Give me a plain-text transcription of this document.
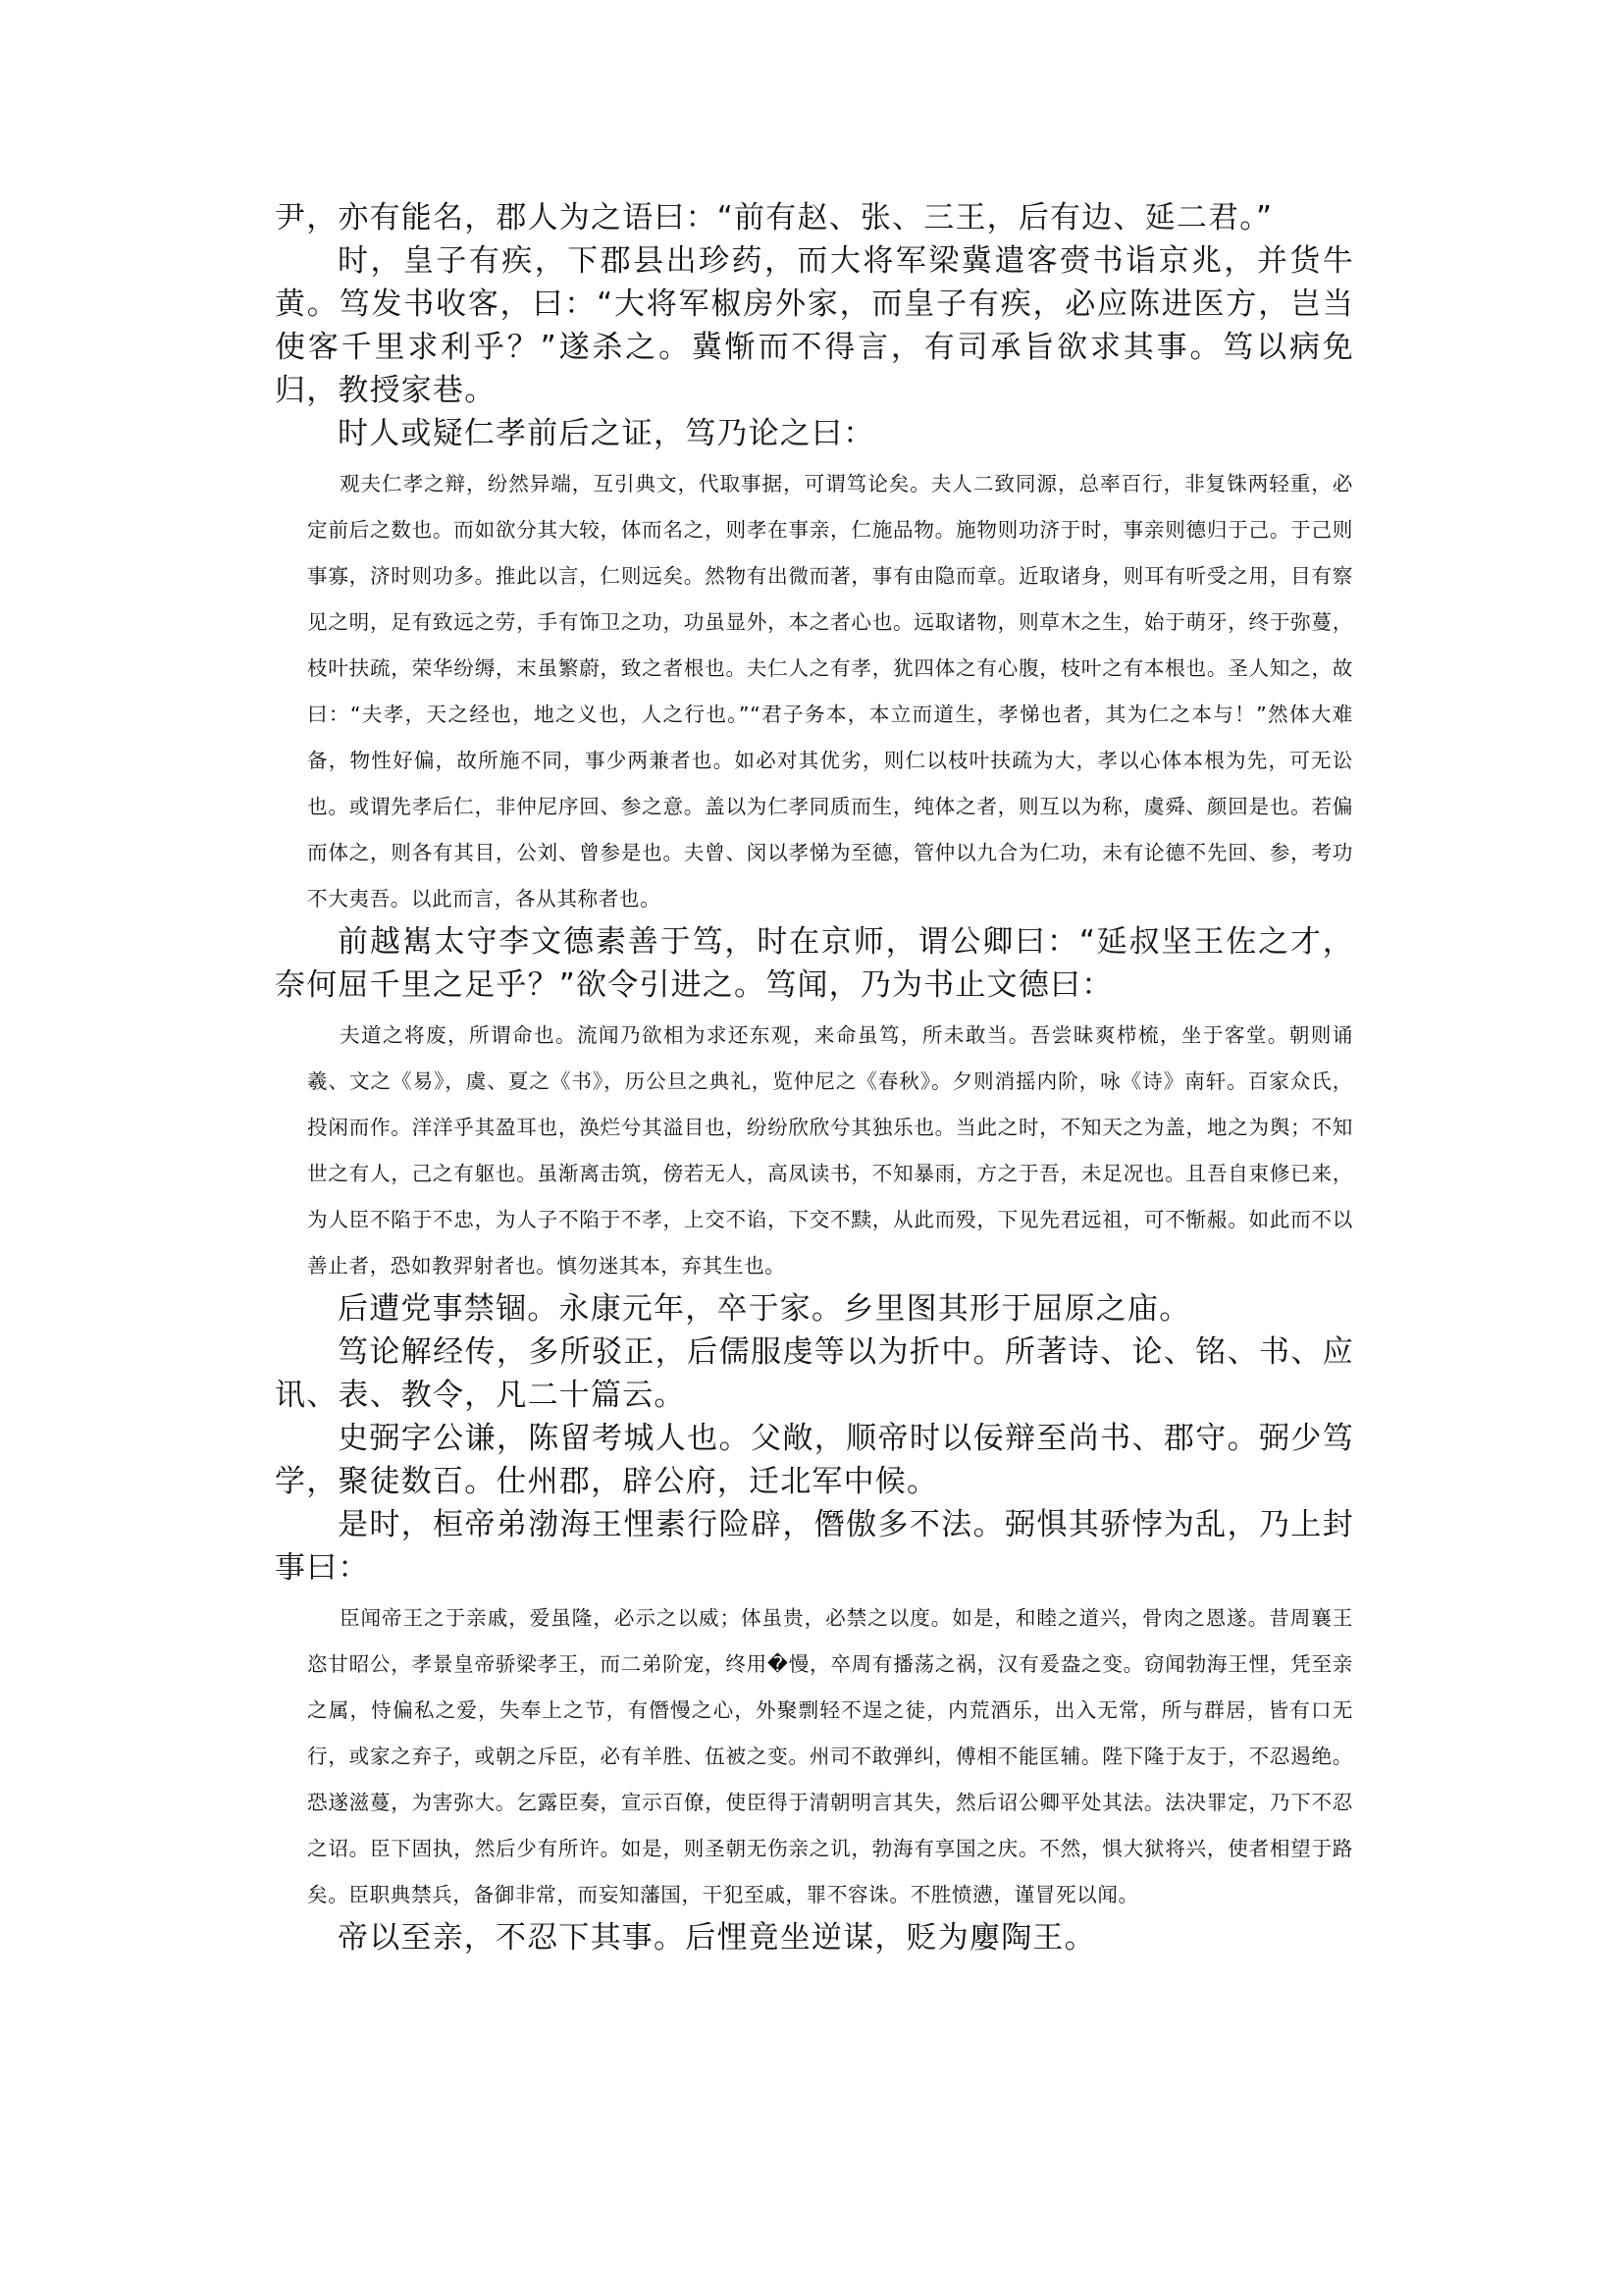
尹，亦有能名，郡人为之语曰：“前有赵、张、三王，后有边、延二君。”

时，皇子有疾，下郡县出珍药，而大将军梁冀遣客赍书诣京兆，并货牛黄。笃发书收客，曰：“大将军椒房外家，而皇子有疾，必应陈进医方，岂当使客千里求利乎？”遂杀之。冀惭而不得言，有司承旨欲求其事。笃以病免归，教授家巷。

时人或疑仁孝前后之证，笃乃论之曰：

观夫仁孝之辩，纷然异端，互引典文，代取事据，可谓笃论矣。夫人二致同源，总率百行，非复铢两轻重，必定前后之数也。而如欲分其大较，体而名之，则孝在事亲，仁施品物。施物则功济于时，事亲则德归于己。于己则事寡，济时则功多。推此以言，仁则远矣。然物有出微而著，事有由隐而章。近取诸身，则耳有听受之用，目有察见之明，足有致远之劳，手有饰卫之功，功虽显外，本之者心也。远取诸物，则草木之生，始于萌牙，终于弥蔓，枝叶扶疏，荣华纷缛，末虽繁蔚，致之者根也。夫仁人之有孝，犹四体之有心腹，枝叶之有本根也。圣人知之，故曰：“夫孝，天之经也，地之义也，人之行也。”“君子务本，本立而道生，孝悌也者，其为仁之本与！”然体大难备，物性好偏，故所施不同，事少两兼者也。如必对其优劣，则仁以枝叶扶疏为大，孝以心体本根为先，可无讼也。或谓先孝后仁，非仲尼序回、参之意。盖以为仁孝同质而生，纯体之者，则互以为称，虞舜、颜回是也。若偏而体之，则各有其目，公刘、曾参是也。夫曾、闵以孝悌为至德，管仲以九合为仁功，未有论德不先回、参，考功不大夷吾。以此而言，各从其称者也。

前越嶲太守李文德素善于笃，时在京师，谓公卿曰：“延叔坚王佐之才，奈何屈千里之足乎？”欲令引进之。笃闻，乃为书止文德曰：

夫道之将废，所谓命也。流闻乃欲相为求还东观，来命虽笃，所未敢当。吾尝昧爽栉梳，坐于客堂。朝则诵羲、文之《易》，虞、夏之《书》，历公旦之典礼，览仲尼之《春秋》。夕则消摇内阶，咏《诗》南轩。百家众氏，投闲而作。洋洋乎其盈耳也，涣烂兮其溢目也，纷纷欣欣兮其独乐也。当此之时，不知天之为盖，地之为舆；不知世之有人，己之有躯也。虽渐离击筑，傍若无人，高凤读书，不知暴雨，方之于吾，未足况也。且吾自束修已来，为人臣不陷于不忠，为人子不陷于不孝，上交不谄，下交不黩，从此而殁，下见先君远祖，可不惭赧。如此而不以善止者，恐如教羿射者也。慎勿迷其本，弃其生也。

后遭党事禁锢。永康元年，卒于家。乡里图其形于屈原之庙。

笃论解经传，多所驳正，后儒服虔等以为折中。所著诗、论、铭、书、应讯、表、教令，凡二十篇云。

史弼字公谦，陈留考城人也。父敞，顺帝时以佞辩至尚书、郡守。弼少笃学，聚徒数百。仕州郡，辟公府，迁北军中候。

是时，桓帝弟渤海王悝素行险辟，僭傲多不法。弼惧其骄悖为乱，乃上封事曰：

臣闻帝王之于亲戚，爱虽隆，必示之以威；体虽贵，必禁之以度。如是，和睦之道兴，骨肉之恩遂。昔周襄王恣甘昭公，孝景皇帝骄梁孝王，而二弟阶宠，终用�慢，卒周有播荡之祸，汉有爰盎之变。窃闻勃海王悝，凭至亲之属，恃偏私之爱，失奉上之节，有僭慢之心，外聚剽轻不逞之徒，内荒酒乐，出入无常，所与群居，皆有口无行，或家之弃子，或朝之斥臣，必有羊胜、伍被之变。州司不敢弹纠，傅相不能匡辅。陛下隆于友于，不忍遏绝。恐遂滋蔓，为害弥大。乞露臣奏，宣示百僚，使臣得于清朝明言其失，然后诏公卿平处其法。法决罪定，乃下不忍之诏。臣下固执，然后少有所许。如是，则圣朝无伤亲之讥，勃海有享国之庆。不然，惧大狱将兴，使者相望于路矣。臣职典禁兵，备御非常，而妄知藩国，干犯至戚，罪不容诛。不胜愤懑，谨冒死以闻。

帝以至亲，不忍下其事。后悝竟坐逆谋，贬为廮陶王。
